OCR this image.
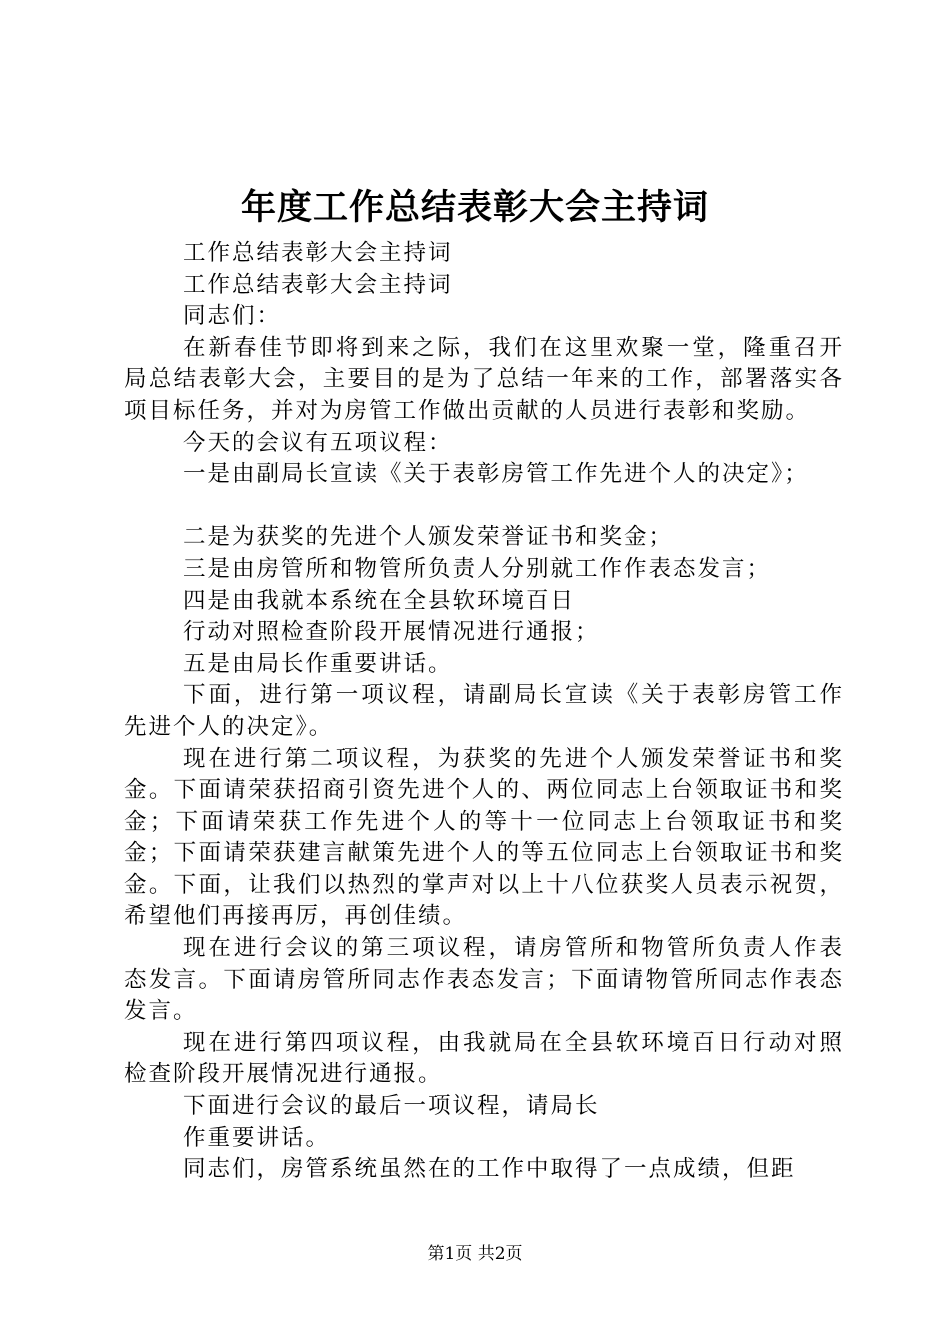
年度工作总结表彰大会主持词

工作总结表彰大会主持词

工作总结表彰大会主持词

同志们：

在新春佳节即将到来之际，我们在这里欢聚一堂，隆重召开局总结表彰大会，主要目的是为了总结一年来的工作，部署落实各项目标任务，并对为房管工作做出贡献的人员进行表彰和奖励。

今天的会议有五项议程：

一是由副局长宣读《关于表彰房管工作先进个人的决定》；

二是为获奖的先进个人颁发荣誉证书和奖金；

三是由房管所和物管所负责人分别就工作作表态发言；

四是由我就本系统在全县软环境百日

行动对照检查阶段开展情况进行通报；

五是由局长作重要讲话。

下面，进行第一项议程，请副局长宣读《关于表彰房管工作先进个人的决定》。

现在进行第二项议程，为获奖的先进个人颁发荣誉证书和奖金。下面请荣获招商引资先进个人的、两位同志上台领取证书和奖金；下面请荣获工作先进个人的等十一位同志上台领取证书和奖金；下面请荣获建言献策先进个人的等五位同志上台领取证书和奖金。下面，让我们以热烈的掌声对以上十八位获奖人员表示祝贺，希望他们再接再厉，再创佳绩。

现在进行会议的第三项议程，请房管所和物管所负责人作表态发言。下面请房管所同志作表态发言；下面请物管所同志作表态发言。

现在进行第四项议程，由我就局在全县软环境百日行动对照检查阶段开展情况进行通报。

下面进行会议的最后一项议程，请局长

作重要讲话。

同志们，房管系统虽然在的工作中取得了一点成绩，但距

第1页 共2页
